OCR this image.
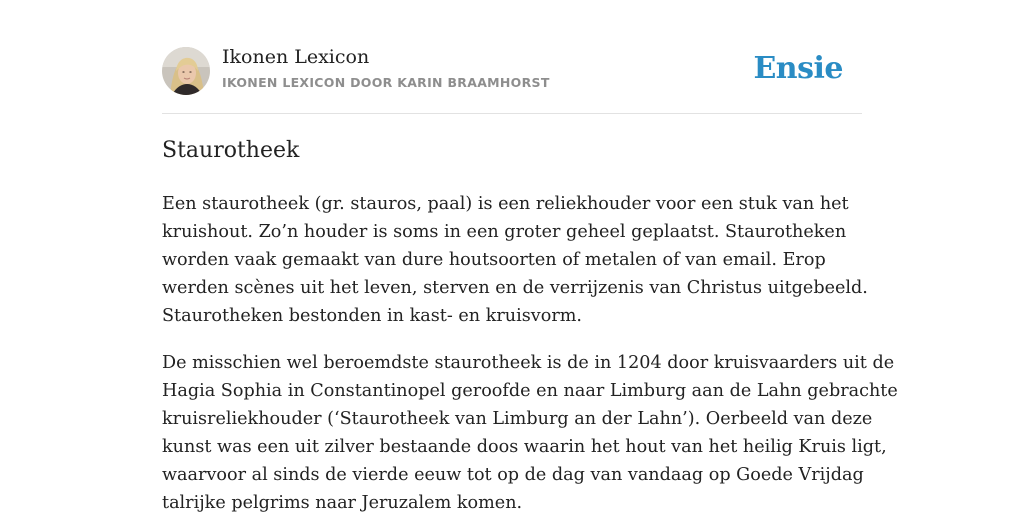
Ikonen Lexicon
IKONEN LEXICON DOOR KARIN BRAAMHORST	Ensie
Staurotheek

Een staurotheek (gr. stauros, paal) is een reliekhouder voor een stuk van het
kruishout. Zo’n houder is soms in een groter geheel geplaatst. Staurotheken
worden vaak gemaakt van dure houtsoorten of metalen of van email. Erop
werden scènes uit het leven, sterven en de verrijzenis van Christus uitgebeeld.
Staurotheken bestonden in kast- en kruisvorm.

De misschien wel beroemdste staurotheek is de in 1204 door kruisvaarders uit de
Hagia Sophia in Constantinopel geroofde en naar Limburg aan de Lahn gebrachte
kruisreliekhouder (‘Staurotheek van Limburg an der Lahn’). Oerbeeld van deze
kunst was een uit zilver bestaande doos waarin het hout van het heilig Kruis ligt,
waarvoor al sinds de vierde eeuw tot op de dag van vandaag op Goede Vrijdag
talrijke pelgrims naar Jeruzalem komen.
